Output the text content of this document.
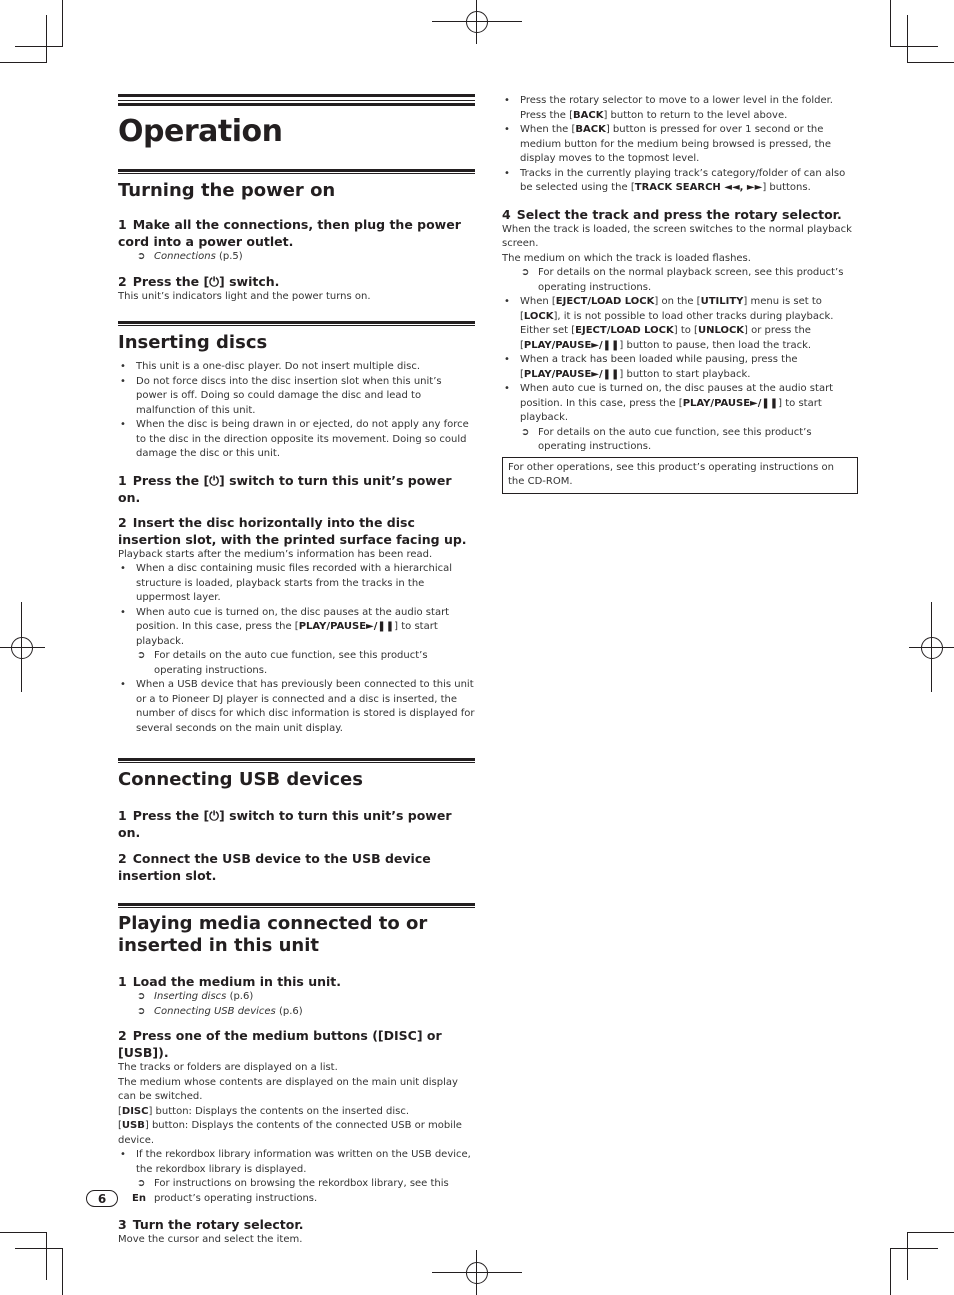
Operation
Turning the power on

1 Make all the connections, then plug the power cord into a power outlet.

➲ Connections (p.5)

2 Press the [⏻] switch.

This unit’s indicators light and the power turns on.

Inserting discs
• This unit is a one-disc player. Do not insert multiple disc.
• Do not force discs into the disc insertion slot when this unit’s power is off. Doing so could damage the disc and lead to malfunction of this unit.
• When the disc is being drawn in or ejected, do not apply any force to the disc in the direction opposite its movement. Doing so could damage the disc or this unit.

1 Press the [⏻] switch to turn this unit’s power on.

2 Insert the disc horizontally into the disc insertion slot, with the printed surface facing up.

Playback starts after the medium’s information has been read.

• When a disc containing music files recorded with a hierarchical structure is loaded, playback starts from the tracks in the uppermost layer.
• When auto cue is turned on, the disc pauses at the audio start position. In this case, press the [PLAY/PAUSE►/❚❚] to start playback.
➲ For details on the auto cue function, see this product’s operating instructions.
• When a USB device that has previously been connected to this unit or a to Pioneer DJ player is connected and a disc is inserted, the number of discs for which disc information is stored is displayed for several seconds on the main unit display.
Connecting USB devices

1 Press the [⏻] switch to turn this unit’s power on.

2 Connect the USB device to the USB device insertion slot.

Playing media connected to or
inserted in this unit

1 Load the medium in this unit.

➲ Inserting discs (p.6)
➲ Connecting USB devices (p.6)

2 Press one of the medium buttons ([DISC] or [USB]).

The tracks or folders are displayed on a list.

The medium whose contents are displayed on the main unit display can be switched.

[DISC] button: Displays the contents on the inserted disc.

[USB] button: Displays the contents of the connected USB or mobile device.

• If the rekordbox library information was written on the USB device, the rekordbox library is displayed.
➲ For instructions on browsing the rekordbox library, see this product’s operating instructions.

3 Turn the rotary selector.

Move the cursor and select the item.

• Press the rotary selector to move to a lower level in the folder. Press the [BACK] button to return to the level above.
• When the [BACK] button is pressed for over 1 second or the medium button for the medium being browsed is pressed, the display moves to the topmost level.
• Tracks in the currently playing track’s category/folder of can also be selected using the [TRACK SEARCH ◄◄, ►►] buttons.

4 Select the track and press the rotary selector.

When the track is loaded, the screen switches to the normal playback screen.

The medium on which the track is loaded flashes.

➲ For details on the normal playback screen, see this product’s operating instructions.
• When [EJECT/LOAD LOCK] on the [UTILITY] menu is set to [LOCK], it is not possible to load other tracks during playback. Either set [EJECT/LOAD LOCK] to [UNLOCK] or press the [PLAY/PAUSE►/❚❚] button to pause, then load the track.
• When a track has been loaded while pausing, press the [PLAY/PAUSE►/❚❚] button to start playback.
• When auto cue is turned on, the disc pauses at the audio start position. In this case, press the [PLAY/PAUSE►/❚❚] to start playback.
➲ For details on the auto cue function, see this product’s operating instructions.
For other operations, see this product’s operating instructions on the CD-ROM.
6	En
